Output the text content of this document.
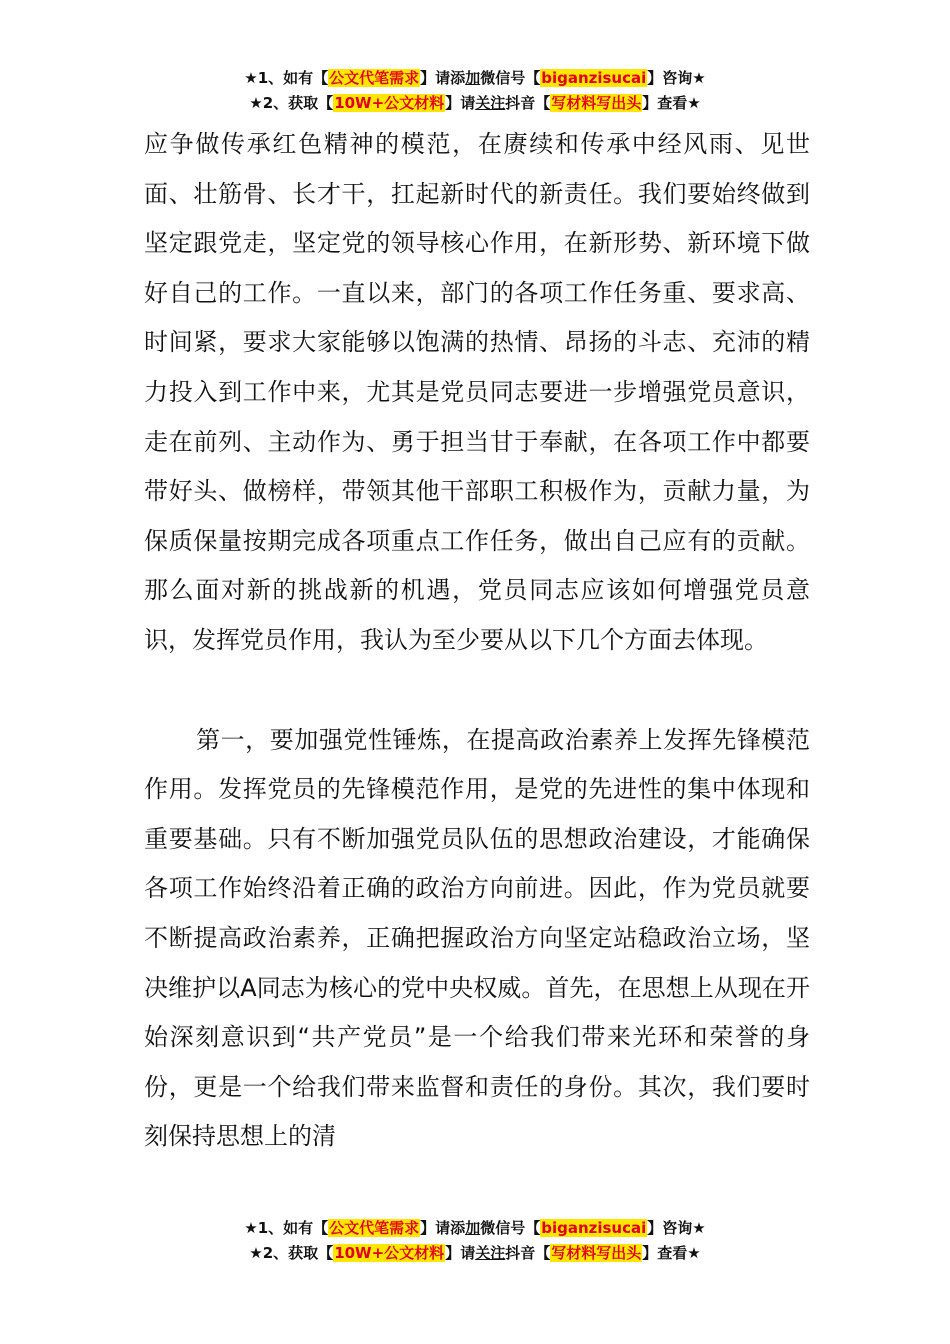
★1、如有【公文代笔需求】请添加微信号【biganzisucai】咨询★
★2、获取【10W+公文材料】请关注抖音【写材料写出头】查看★

应争做传承红色精神的模范，在赓续和传承中经风雨、见世面、壮筋骨、长才干，扛起新时代的新责任。我们要始终做到坚定跟党走，坚定党的领导核心作用，在新形势、新环境下做好自己的工作。一直以来，部门的各项工作任务重、要求高、时间紧，要求大家能够以饱满的热情、昂扬的斗志、充沛的精力投入到工作中来，尤其是党员同志要进一步增强党员意识，走在前列、主动作为、勇于担当甘于奉献，在各项工作中都要带好头、做榜样，带领其他干部职工积极作为，贡献力量，为保质保量按期完成各项重点工作任务，做出自己应有的贡献。那么面对新的挑战新的机遇，党员同志应该如何增强党员意识，发挥党员作用，我认为至少要从以下几个方面去体现。

第一，要加强党性锤炼，在提高政治素养上发挥先锋模范作用。发挥党员的先锋模范作用，是党的先进性的集中体现和重要基础。只有不断加强党员队伍的思想政治建设，才能确保各项工作始终沿着正确的政治方向前进。因此，作为党员就要不断提高政治素养，正确把握政治方向坚定站稳政治立场，坚决维护以A同志为核心的党中央权威。首先，在思想上从现在开始深刻意识到“共产党员”是一个给我们带来光环和荣誉的身份，更是一个给我们带来监督和责任的身份。其次，我们要时刻保持思想上的清

★1、如有【公文代笔需求】请添加微信号【biganzisucai】咨询★
★2、获取【10W+公文材料】请关注抖音【写材料写出头】查看★
